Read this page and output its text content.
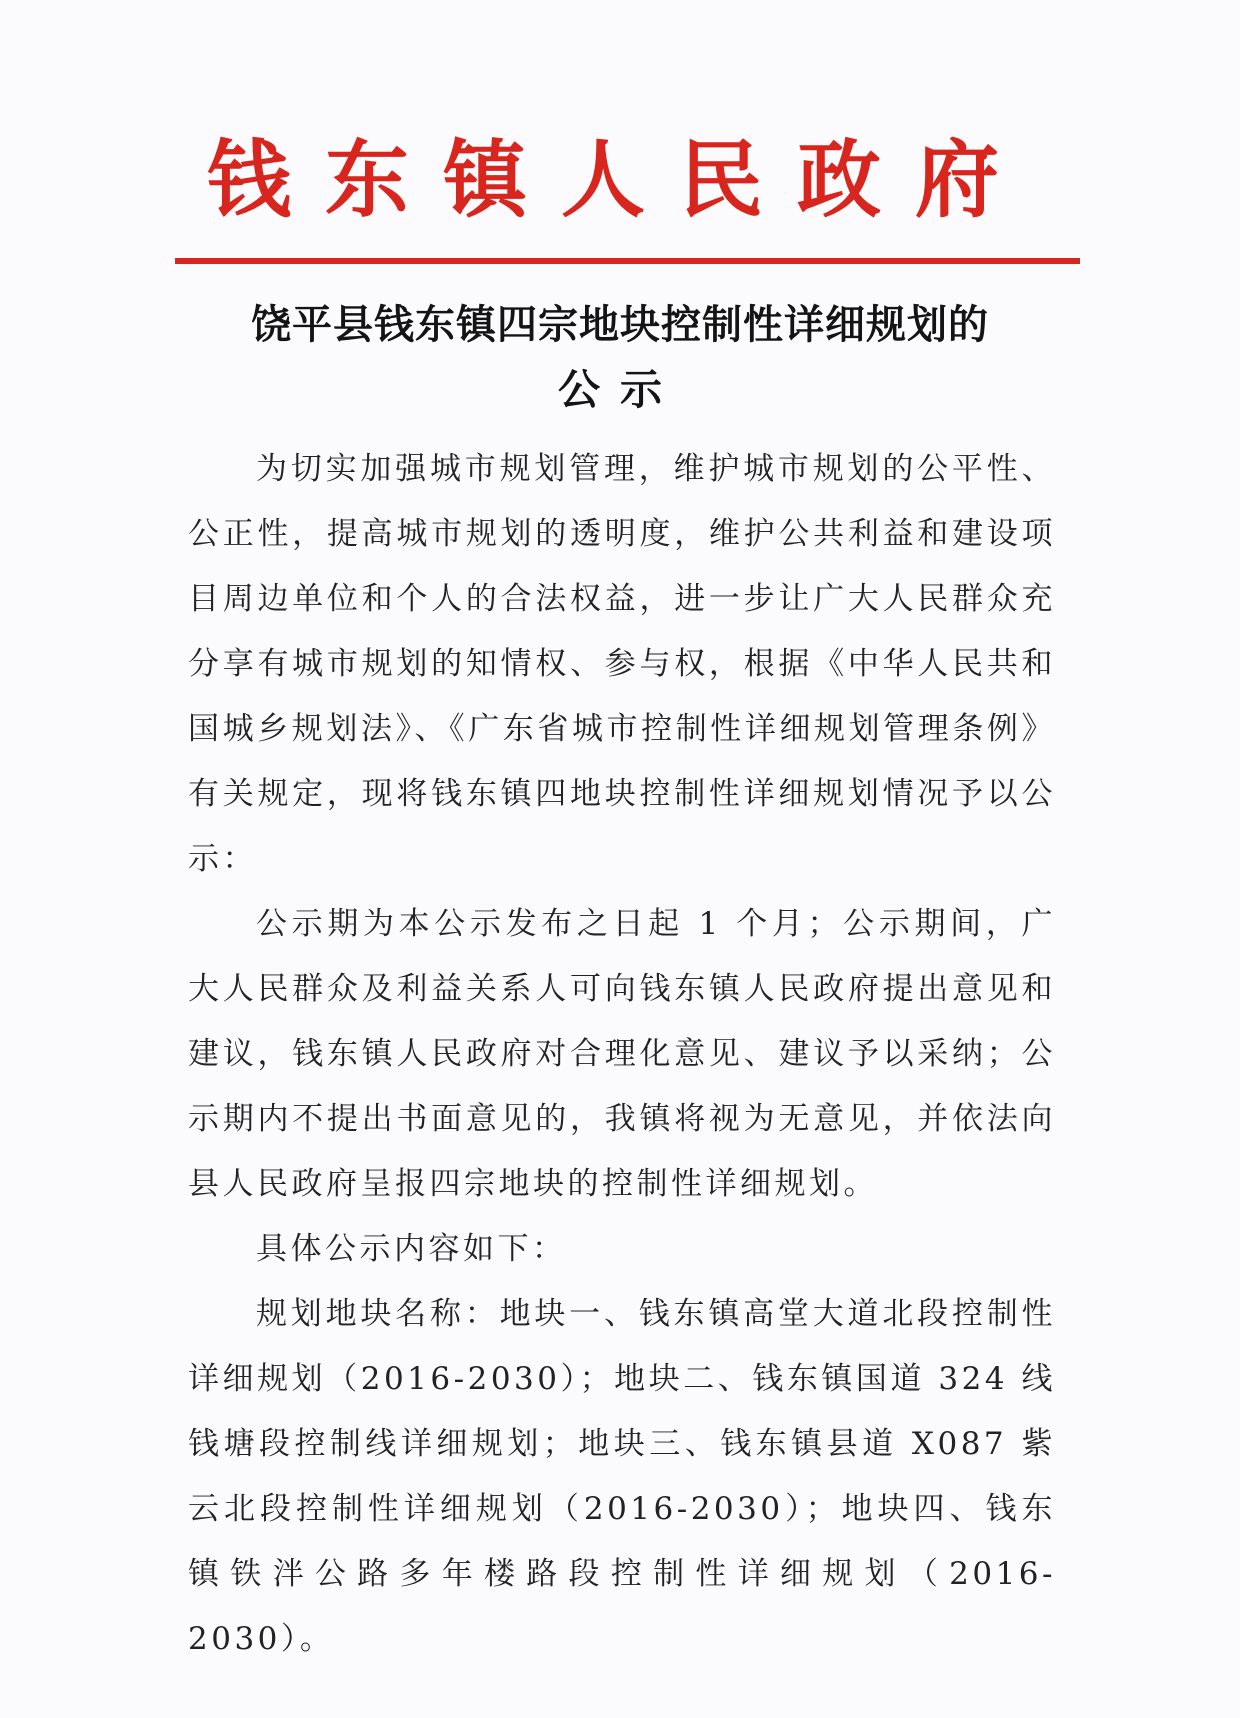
钱东镇人民政府
饶平县钱东镇四宗地块控制性详细规划的
公示

为切实加强城市规划管理，维护城市规划的公平性、公正性，提高城市规划的透明度，维护公共利益和建设项目周边单位和个人的合法权益，进一步让广大人民群众充分享有城市规划的知情权、参与权，根据《中华人民共和国城乡规划法》、《广东省城市控制性详细规划管理条例》有关规定，现将钱东镇四地块控制性详细规划情况予以公示：

公示期为本公示发布之日起 1 个月；公示期间，广大人民群众及利益关系人可向钱东镇人民政府提出意见和建议，钱东镇人民政府对合理化意见、建议予以采纳；公示期内不提出书面意见的，我镇将视为无意见，并依法向县人民政府呈报四宗地块的控制性详细规划。

具体公示内容如下：

规划地块名称：地块一、钱东镇高堂大道北段控制性详细规划（2016-2030）；地块二、钱东镇国道 324 线钱塘段控制线详细规划；地块三、钱东镇县道 X087 紫云北段控制性详细规划（2016-2030）；地块四、钱东镇铁泮公路多年楼路段控制性详细规划（2016-2030）。
